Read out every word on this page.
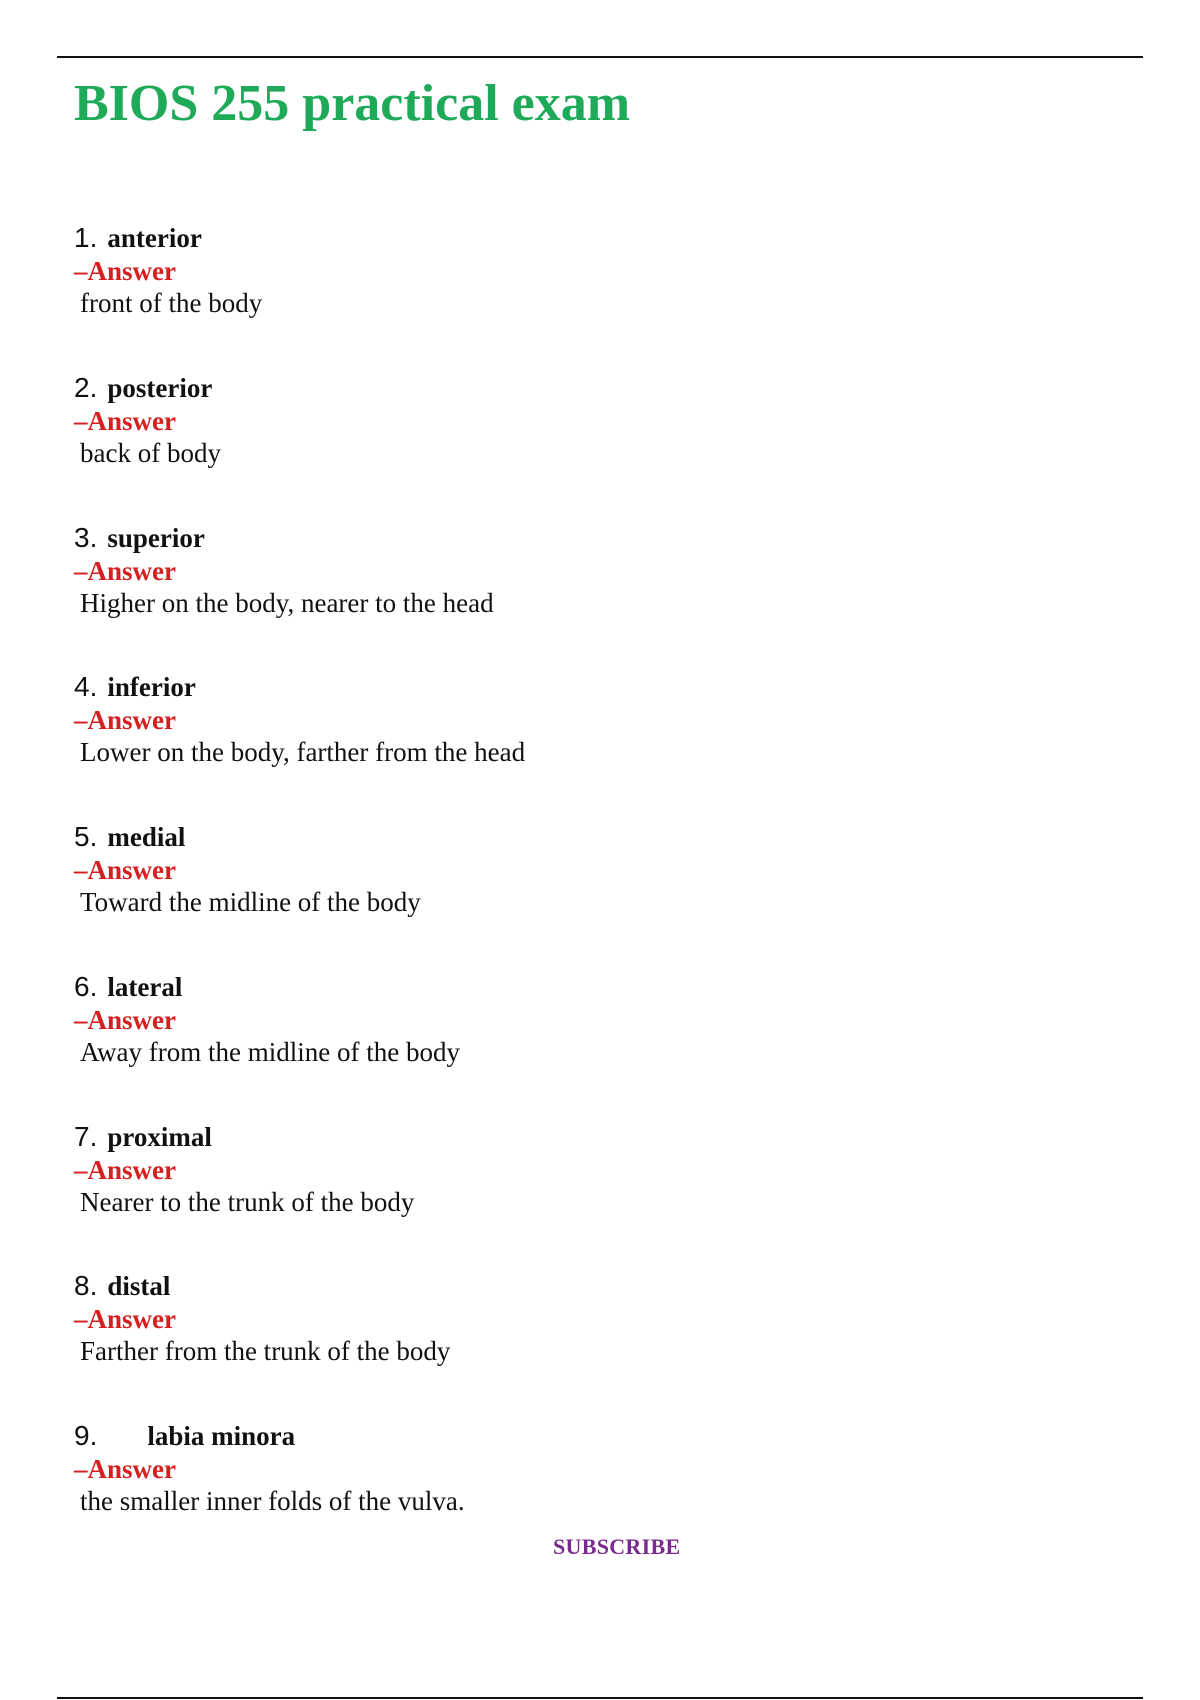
BIOS 255 practical exam
1. anterior
–Answer
front of the body
2. posterior
–Answer
back of body
3. superior
–Answer
Higher on the body, nearer to the head
4. inferior
–Answer
Lower on the body, farther from the head
5. medial
–Answer
Toward the midline of the body
6. lateral
–Answer
Away from the midline of the body
7. proximal
–Answer
Nearer to the trunk of the body
8. distal
–Answer
Farther from the trunk of the body
9. labia minora
–Answer
the smaller inner folds of the vulva.
SUBSCRIBE
